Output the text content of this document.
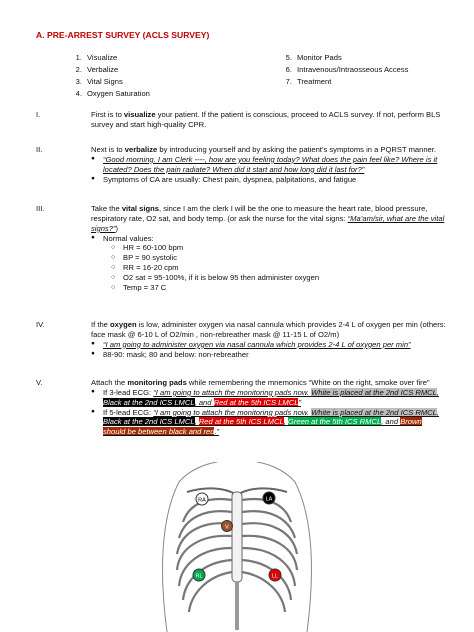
A. PRE-ARREST SURVEY (ACLS SURVEY)
1. Visualize
2. Verbalize
3. Vital Signs
4. Oxygen Saturation
5. Monitor Pads
6. Intravenous/Intraosseous Access
7. Treatment
I.	First is to visualize your patient. If the patient is conscious, proceed to ACLS survey. If not, perform BLS survey and start high-quality CPR.
II.	Next is to verbalize by introducing yourself and by asking the patient’s symptoms in a PQRST manner.
● “Good morning. I am Clerk ----, how are you feeling today? What does the pain feel like? Where is it located? Does the pain radiate? When did it start and how long did it last for?”
● Symptoms of CA are usually: Chest pain, dyspnea, palpitations, and fatigue
III.	Take the vital signs, since I am the clerk I will be the one to measure the heart rate, blood pressure, respiratory rate, O2 sat, and body temp. (or ask the nurse for the vital signs: “Ma’am/sir, what are the vital signs?”)
● Normal values:
○ HR = 60-100 bpm
○ BP = 90 systolic
○ RR = 16-20 cpm
○ O2 sat = 95-100%, if it is below 95 then administer oxygen
○ Temp = 37 C
IV.	If the oxygen is low, administer oxygen via nasal cannula which provides 2-4 L of oxygen per min (others: face mask @ 6-10 L of O2/min , non-rebreather mask @ 11-15 L of O2/m)
● “I am going to administer oxygen via nasal cannula which provides 2-4 L of oxygen per min”
● 88-90: mask; 80 and below: non-rebreather
V.	Attach the monitoring pads while remembering the mnemonics “White on the right, smoke over fire”
● If 3-lead ECG: “I am going to attach the monitoring pads now. White is placed at the 2nd ICS RMCL, Black at the 2nd ICS LMCL, and Red at the 5th ICS LMCL”
● If 5-lead ECG: “I am going to attach the monitoring pads now. White is placed at the 2nd ICS RMCL, Black at the 2nd ICS LMCL, Red at the 5th ICS LMCL, Green at the 5th ICS RMCL, and Brown should be between black and red.”
RA	LA
V
RL	LL
